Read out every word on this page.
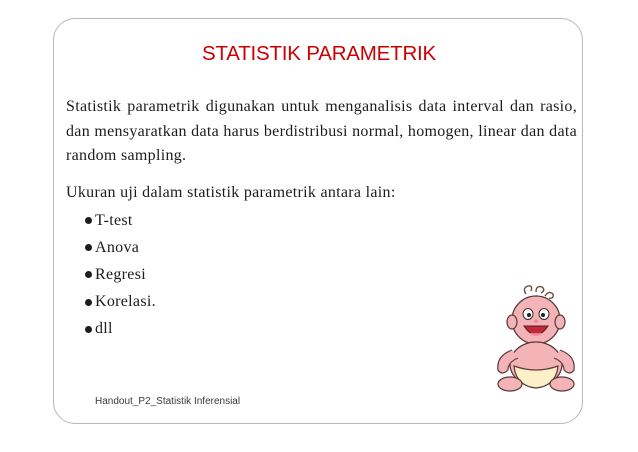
STATISTIK PARAMETRIK
Statistik parametrik digunakan untuk menganalisis data interval dan rasio, dan mensyaratkan data harus berdistribusi normal, homogen, linear dan data random sampling.
Ukuran uji dalam statistik parametrik antara lain:
T-test
Anova
Regresi
Korelasi.
dll
Handout_P2_Statistik Inferensial
